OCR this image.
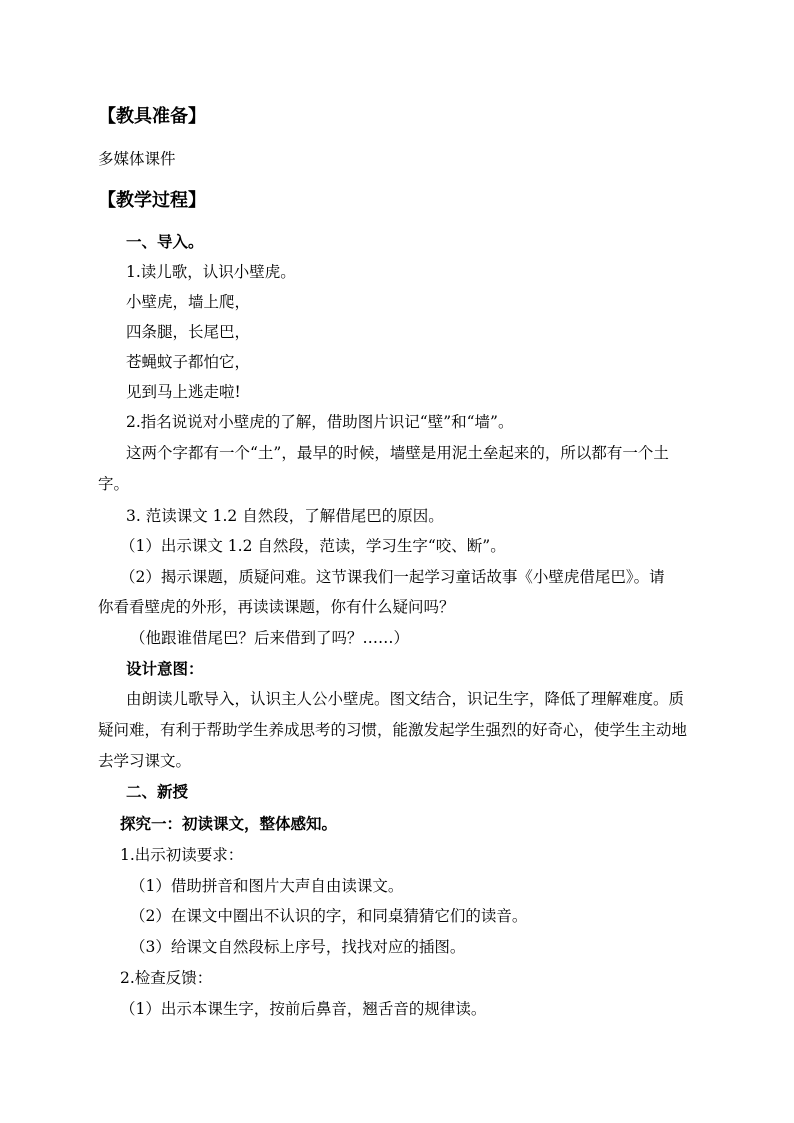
【教具准备】
多媒体课件
【教学过程】
一、导入。
1.读儿歌，认识小壁虎。
小壁虎，墙上爬，
四条腿，长尾巴，
苍蝇蚊子都怕它，
见到马上逃走啦!
2.指名说说对小壁虎的了解，借助图片识记“壁”和“墙”。
这两个字都有一个“土”，最早的时候，墙壁是用泥土垒起来的，所以都有一个土
字。
3. 范读课文 1.2 自然段，了解借尾巴的原因。
（1）出示课文 1.2 自然段，范读，学习生字“咬、断”。
（2）揭示课题，质疑问难。这节课我们一起学习童话故事《小壁虎借尾巴》。请
你看看壁虎的外形，再读读课题，你有什么疑问吗？
（他跟谁借尾巴？后来借到了吗？……）
设计意图：
由朗读儿歌导入，认识主人公小壁虎。图文结合，识记生字，降低了理解难度。质
疑问难，有利于帮助学生养成思考的习惯，能激发起学生强烈的好奇心，使学生主动地
去学习课文。
二、新授
探究一：初读课文，整体感知。
1.出示初读要求：
（1）借助拼音和图片大声自由读课文。
（2）在课文中圈出不认识的字，和同桌猜猜它们的读音。
（3）给课文自然段标上序号，找找对应的插图。
2.检查反馈：
（1）出示本课生字，按前后鼻音，翘舌音的规律读。
